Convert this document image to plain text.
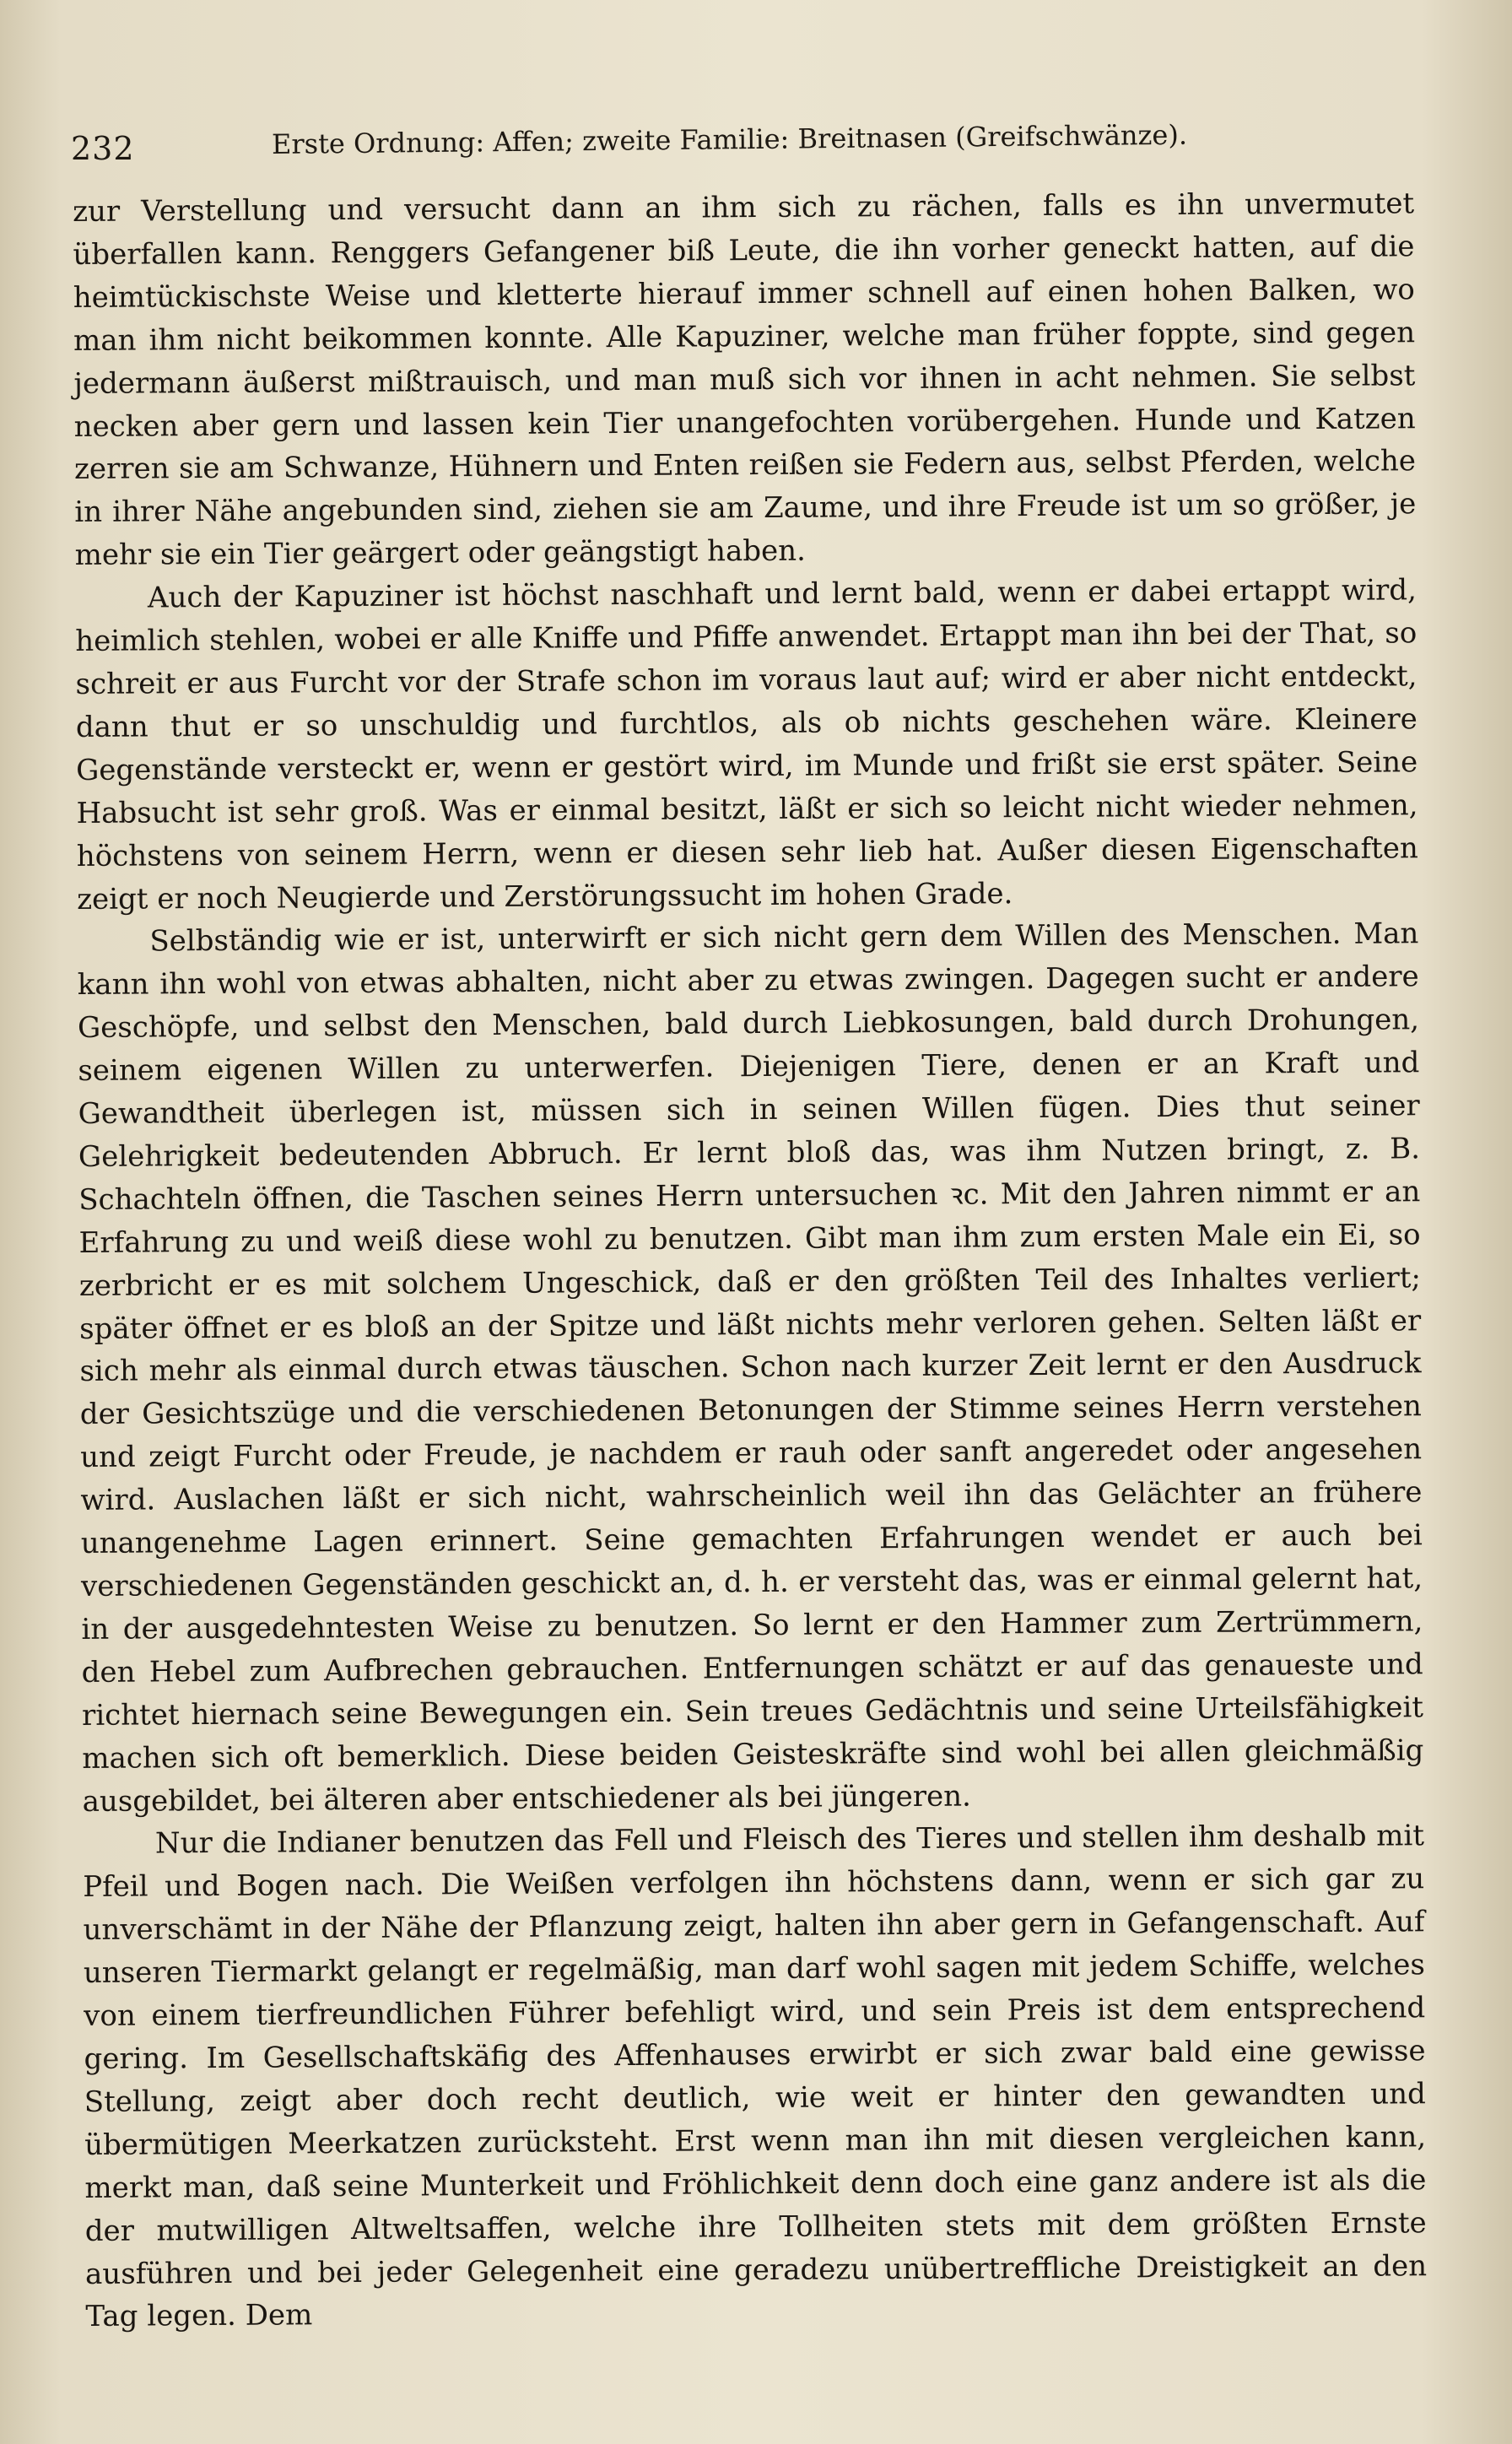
232	Erste Ordnung: Affen; zweite Familie: Breitnasen (Greifschwänze).

zur Verstellung und versucht dann an ihm sich zu rächen, falls es ihn unvermutet überfallen kann. Renggers Gefangener biß Leute, die ihn vorher geneckt hatten, auf die heimtückischste Weise und kletterte hierauf immer schnell auf einen hohen Balken, wo man ihm nicht beikommen konnte. Alle Kapuziner, welche man früher foppte, sind gegen jedermann äußerst mißtrauisch, und man muß sich vor ihnen in acht nehmen. Sie selbst necken aber gern und lassen kein Tier unangefochten vorübergehen. Hunde und Katzen zerren sie am Schwanze, Hühnern und Enten reißen sie Federn aus, selbst Pferden, welche in ihrer Nähe angebunden sind, ziehen sie am Zaume, und ihre Freude ist um so größer, je mehr sie ein Tier geärgert oder geängstigt haben.

Auch der Kapuziner ist höchst naschhaft und lernt bald, wenn er dabei ertappt wird, heimlich stehlen, wobei er alle Kniffe und Pfiffe anwendet. Ertappt man ihn bei der That, so schreit er aus Furcht vor der Strafe schon im voraus laut auf; wird er aber nicht entdeckt, dann thut er so unschuldig und furchtlos, als ob nichts geschehen wäre. Kleinere Gegenstände versteckt er, wenn er gestört wird, im Munde und frißt sie erst später. Seine Habsucht ist sehr groß. Was er einmal besitzt, läßt er sich so leicht nicht wieder nehmen, höchstens von seinem Herrn, wenn er diesen sehr lieb hat. Außer diesen Eigenschaften zeigt er noch Neugierde und Zerstörungssucht im hohen Grade.

Selbständig wie er ist, unterwirft er sich nicht gern dem Willen des Menschen. Man kann ihn wohl von etwas abhalten, nicht aber zu etwas zwingen. Dagegen sucht er andere Geschöpfe, und selbst den Menschen, bald durch Liebkosungen, bald durch Drohungen, seinem eigenen Willen zu unterwerfen. Diejenigen Tiere, denen er an Kraft und Gewandtheit überlegen ist, müssen sich in seinen Willen fügen. Dies thut seiner Gelehrigkeit bedeutenden Abbruch. Er lernt bloß das, was ihm Nutzen bringt, z. B. Schachteln öffnen, die Taschen seines Herrn untersuchen ꝛc. Mit den Jahren nimmt er an Erfahrung zu und weiß diese wohl zu benutzen. Gibt man ihm zum ersten Male ein Ei, so zerbricht er es mit solchem Ungeschick, daß er den größten Teil des Inhaltes verliert; später öffnet er es bloß an der Spitze und läßt nichts mehr verloren gehen. Selten läßt er sich mehr als einmal durch etwas täuschen. Schon nach kurzer Zeit lernt er den Ausdruck der Gesichtszüge und die verschiedenen Betonungen der Stimme seines Herrn verstehen und zeigt Furcht oder Freude, je nachdem er rauh oder sanft angeredet oder angesehen wird. Auslachen läßt er sich nicht, wahrscheinlich weil ihn das Gelächter an frühere unangenehme Lagen erinnert. Seine gemachten Erfahrungen wendet er auch bei verschiedenen Gegenständen geschickt an, d. h. er versteht das, was er einmal gelernt hat, in der ausgedehntesten Weise zu benutzen. So lernt er den Hammer zum Zertrümmern, den Hebel zum Aufbrechen gebrauchen. Entfernungen schätzt er auf das genaueste und richtet hiernach seine Bewegungen ein. Sein treues Gedächtnis und seine Urteilsfähigkeit machen sich oft bemerklich. Diese beiden Geisteskräfte sind wohl bei allen gleichmäßig ausgebildet, bei älteren aber entschiedener als bei jüngeren.

Nur die Indianer benutzen das Fell und Fleisch des Tieres und stellen ihm deshalb mit Pfeil und Bogen nach. Die Weißen verfolgen ihn höchstens dann, wenn er sich gar zu unverschämt in der Nähe der Pflanzung zeigt, halten ihn aber gern in Gefangenschaft. Auf unseren Tiermarkt gelangt er regelmäßig, man darf wohl sagen mit jedem Schiffe, welches von einem tierfreundlichen Führer befehligt wird, und sein Preis ist dem entsprechend gering. Im Gesellschaftskäfig des Affenhauses erwirbt er sich zwar bald eine gewisse Stellung, zeigt aber doch recht deutlich, wie weit er hinter den gewandten und übermütigen Meerkatzen zurücksteht. Erst wenn man ihn mit diesen vergleichen kann, merkt man, daß seine Munterkeit und Fröhlichkeit denn doch eine ganz andere ist als die der mutwilligen Altweltsaffen, welche ihre Tollheiten stets mit dem größten Ernste ausführen und bei jeder Gelegenheit eine geradezu unübertreffliche Dreistigkeit an den Tag legen. Dem
